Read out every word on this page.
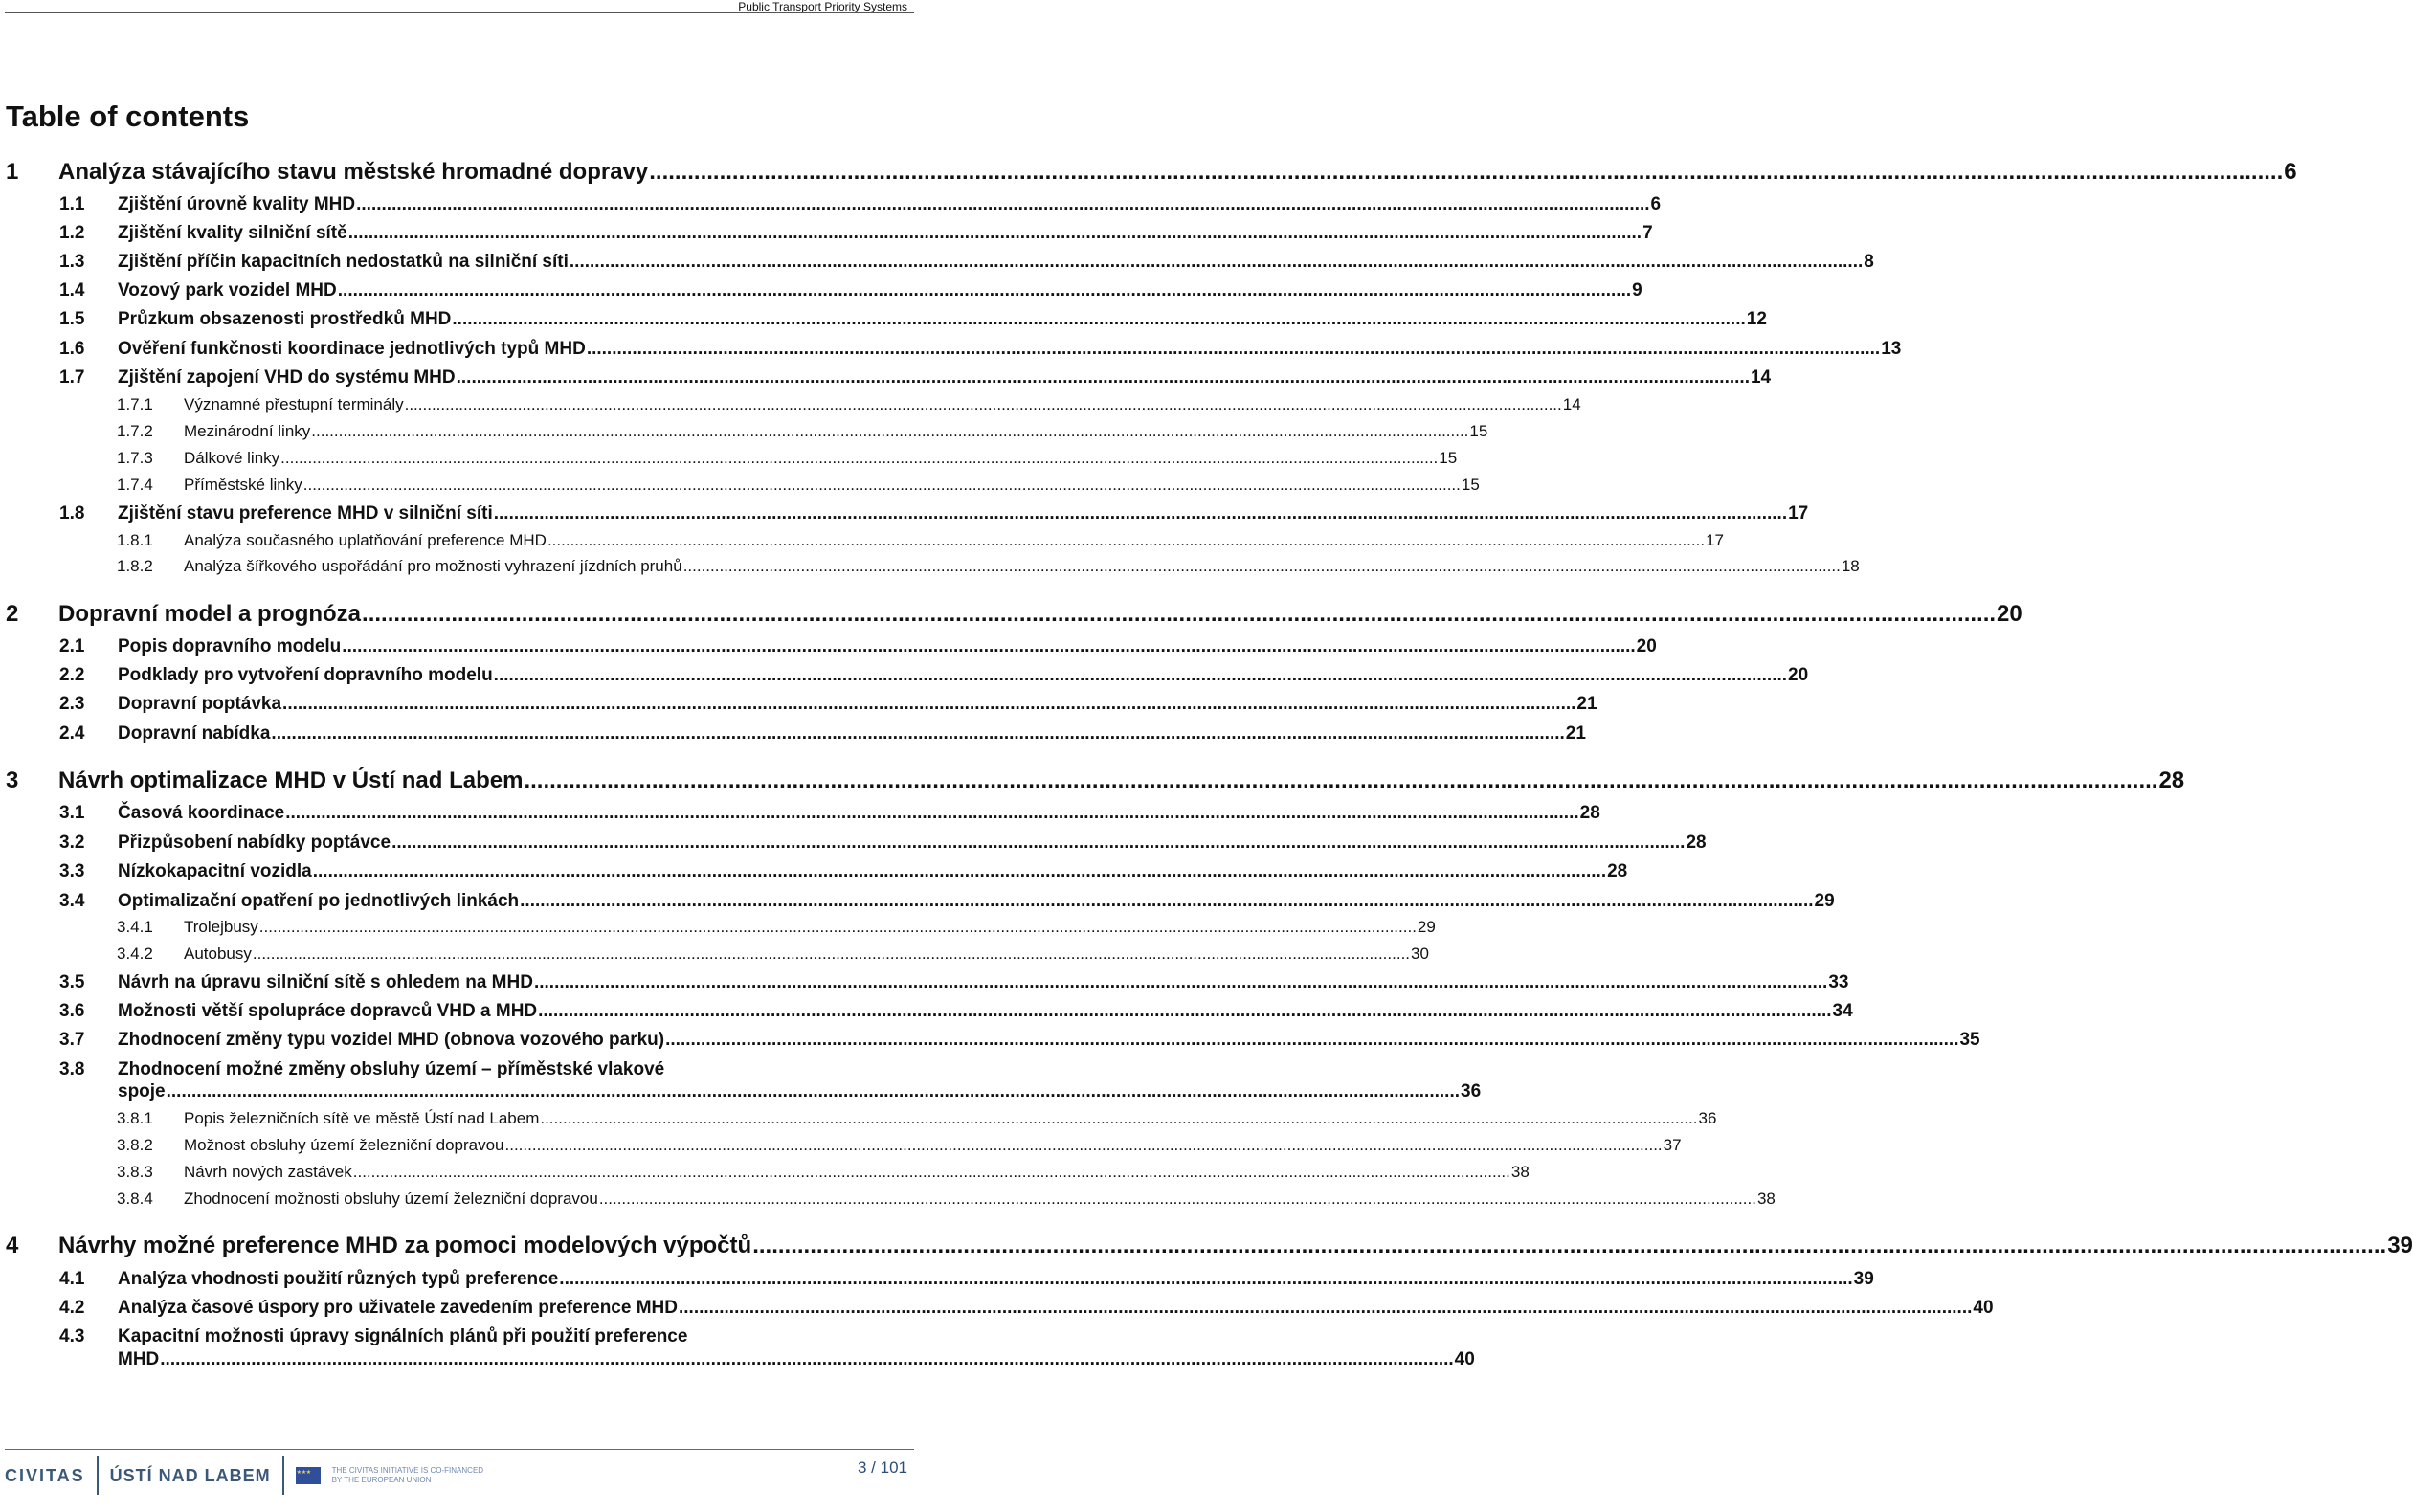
Public Transport Priority Systems
Table of contents
1	Analýza stávajícího stavu městské hromadné dopravy .....	6
1.1	Zjištění úrovně kvality MHD .....	6
1.2	Zjištění kvality silniční sítě .....	7
1.3	Zjištění příčin kapacitních nedostatků na silniční síti .....	8
1.4	Vozový park vozidel MHD .....	9
1.5	Průzkum obsazenosti prostředků MHD .....	12
1.6	Ověření funkčnosti koordinace jednotlivých typů MHD .....	13
1.7	Zjištění zapojení VHD do systému MHD .....	14
1.7.1	Významné přestupní terminály .....	14
1.7.2	Mezinárodní linky .....	15
1.7.3	Dálkové linky .....	15
1.7.4	Příměstské linky .....	15
1.8	Zjištění stavu preference MHD v silniční síti .....	17
1.8.1	Analýza současného uplatňování preference MHD .....	17
1.8.2	Analýza šířkového uspořádání pro možnosti vyhrazení jízdních pruhů .....	18
2	Dopravní model a prognóza .....	20
2.1	Popis dopravního modelu .....	20
2.2	Podklady pro vytvoření dopravního modelu .....	20
2.3	Dopravní poptávka .....	21
2.4	Dopravní nabídka .....	21
3	Návrh optimalizace MHD v Ústí nad Labem .....	28
3.1	Časová koordinace .....	28
3.2	Přizpůsobení nabídky poptávce .....	28
3.3	Nízkokapacitní vozidla .....	28
3.4	Optimalizační opatření po jednotlivých linkách .....	29
3.4.1	Trolejbusy .....	29
3.4.2	Autobusy .....	30
3.5	Návrh na úpravu silniční sítě s ohledem na MHD .....	33
3.6	Možnosti větší spolupráce dopravců VHD a MHD .....	34
3.7	Zhodnocení změny typu vozidel MHD (obnova vozového parku) .....	35
3.8	Zhodnocení možné změny obsluhy území – příměstské vlakové
spoje .....	36
3.8.1	Popis železničních sítě ve městě Ústí nad Labem .....	36
3.8.2	Možnost obsluhy území železniční dopravou .....	37
3.8.3	Návrh nových zastávek .....	38
3.8.4	Zhodnocení možnosti obsluhy území železniční dopravou .....	38
4	Návrhy možné preference MHD za pomoci modelových výpočtů .....	39
4.1	Analýza vhodnosti použití různých typů preference .....	39
4.2	Analýza časové úspory pro uživatele zavedením preference MHD .....	40
4.3	Kapacitní možnosti úpravy signálních plánů při použití preference
MHD .....	40
CIVITAS ÚSTÍ NAD LABEM ★ ★ ★	THE CIVITAS INITIATIVE IS CO-FINANCED
BY THE EUROPEAN UNION
3 / 101
